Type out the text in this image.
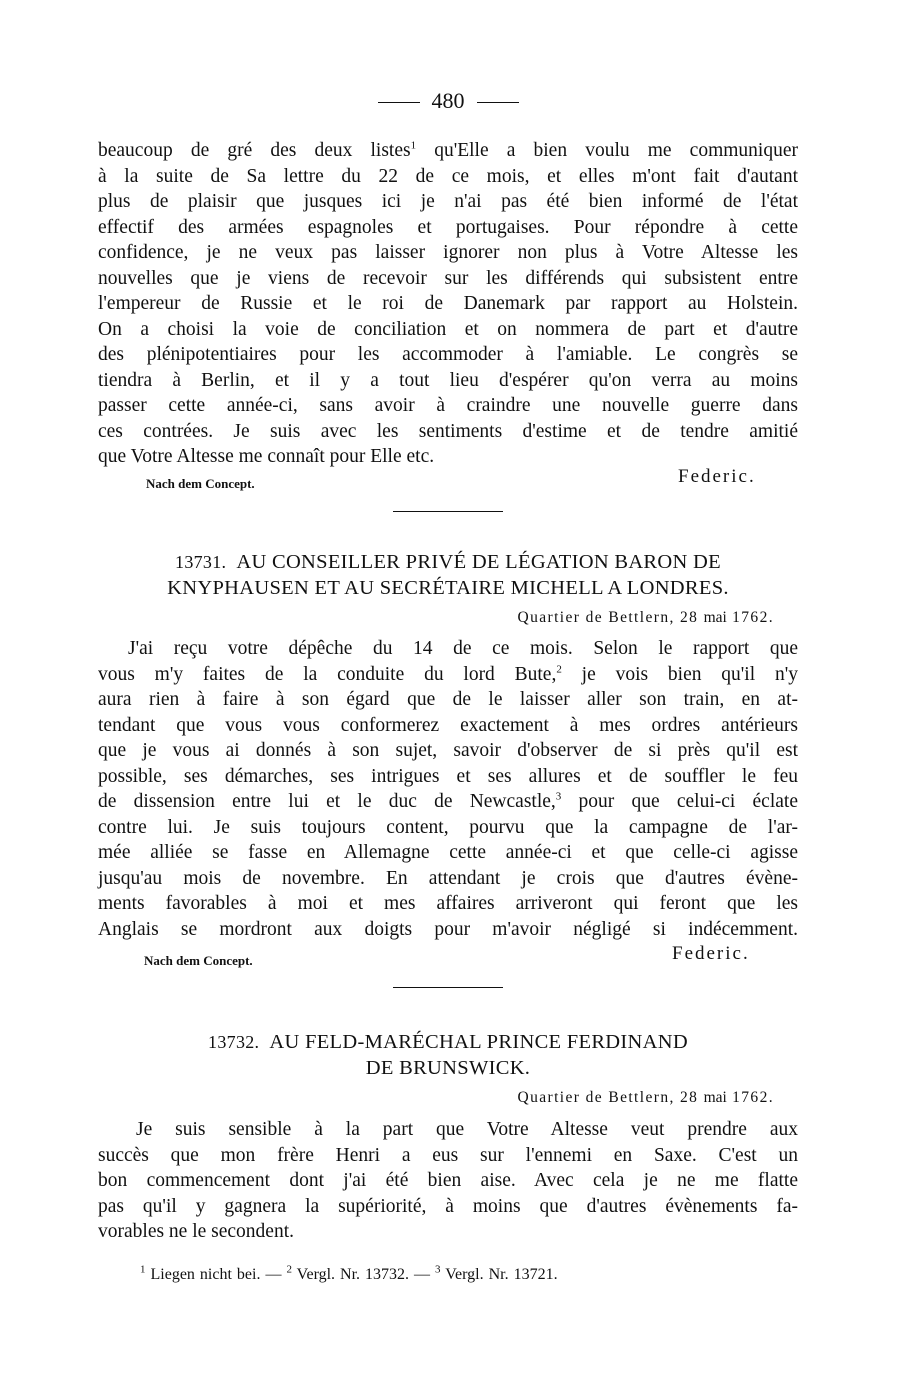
480
beaucoup de gré des deux listes$^1$ qu'Elle a bien voulu me communiquer
à la suite de Sa lettre du 22 de ce mois, et elles m'ont fait d'autant
plus de plaisir que jusques ici je n'ai pas été bien informé de l'état
effectif des armées espagnoles et portugaises. Pour répondre à cette
confidence, je ne veux pas laisser ignorer non plus à Votre Altesse les
nouvelles que je viens de recevoir sur les différends qui subsistent entre
l'empereur de Russie et le roi de Danemark par rapport au Holstein.
On a choisi la voie de conciliation et on nommera de part et d'autre
des plénipotentiaires pour les accommoder à l'amiable. Le congrès se
tiendra à Berlin, et il y a tout lieu d'espérer qu'on verra au moins
passer cette année-ci, sans avoir à craindre une nouvelle guerre dans
ces contrées. Je suis avec les sentiments d'estime et de tendre amitié
que Votre Altesse me connaît pour Elle etc.
Nach dem Concept.	Federic.
13731. AU CONSEILLER PRIVÉ DE LÉGATION BARON DE
KNYPHAUSEN ET AU SECRÉTAIRE MICHELL A LONDRES.
Quartier de Bettlern, 28 mai 1762.
J'ai reçu votre dépêche du 14 de ce mois. Selon le rapport que
vous m'y faites de la conduite du lord Bute,$^2$ je vois bien qu'il n'y
aura rien à faire à son égard que de le laisser aller son train, en at-
tendant que vous vous conformerez exactement à mes ordres antérieurs
que je vous ai donnés à son sujet, savoir d'observer de si près qu'il est
possible, ses démarches, ses intrigues et ses allures et de souffler le feu
de dissension entre lui et le duc de Newcastle,$^3$ pour que celui-ci éclate
contre lui. Je suis toujours content, pourvu que la campagne de l'ar-
mée alliée se fasse en Allemagne cette année-ci et que celle-ci agisse
jusqu'au mois de novembre. En attendant je crois que d'autres évène-
ments favorables à moi et mes affaires arriveront qui feront que les
Anglais se mordront aux doigts pour m'avoir négligé si indécemment.
Nach dem Concept.	Federic.
13732. AU FELD-MARÉCHAL PRINCE FERDINAND
DE BRUNSWICK.
Quartier de Bettlern, 28 mai 1762.
Je suis sensible à la part que Votre Altesse veut prendre aux
succès que mon frère Henri a eus sur l'ennemi en Saxe. C'est un
bon commencement dont j'ai été bien aise. Avec cela je ne me flatte
pas qu'il y gagnera la supériorité, à moins que d'autres évènements fa-
vorables ne le secondent.
$^1$ Liegen nicht bei. — $^2$ Vergl. Nr. 13732. — $^3$ Vergl. Nr. 13721.
